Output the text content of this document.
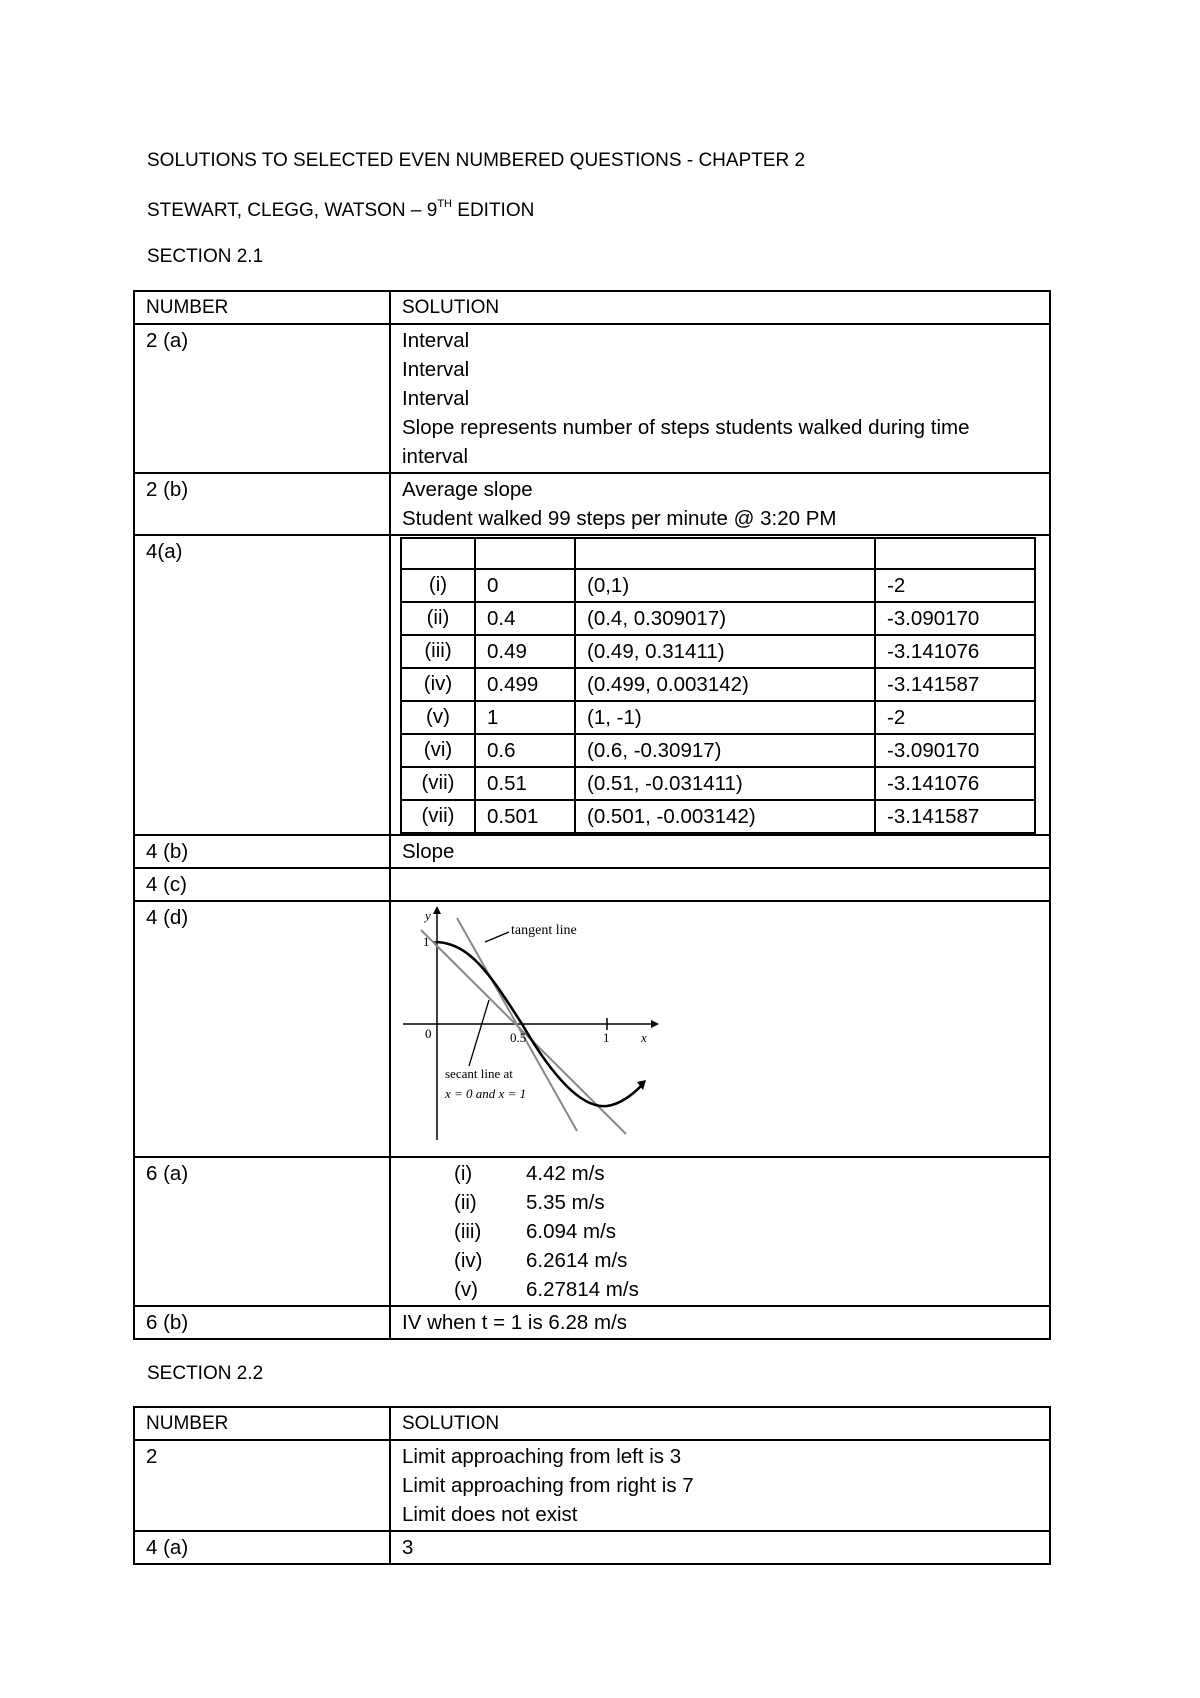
SOLUTIONS TO SELECTED EVEN NUMBERED QUESTIONS - CHAPTER 2
STEWART, CLEGG, WATSON – 9TH EDITION
SECTION 2.1
NUMBER	SOLUTION
2 (a)	Interval
Interval
Interval
Slope represents number of steps students walked during time interval

2 (b)	Average slope
Student walked 99 steps per minute @ 3:20 PM

4(a)	

(i)	0	(0,1)	-2
(ii)	0.4	(0.4, 0.309017)	-3.090170
(iii)	0.49	(0.49, 0.31411)	-3.141076
(iv)	0.499	(0.499, 0.003142)	-3.141587
(v)	1	(1, -1)	-2
(vi)	0.6	(0.6, -0.30917)	-3.090170
(vii)	0.51	(0.51, -0.031411)	-3.141076
(vii)	0.501	(0.501, -0.003142)	-3.141587

4 (b)	Slope
4 (c)	
4 (d)	
tangent line
secant line at
x = 0 and x = 1
y
x
1
0	0.5	1

6 (a)	(i)	4.42 m/s
(ii)	5.35 m/s
(iii)	6.094 m/s
(iv)	6.2614 m/s
(v)	6.27814 m/s

6 (b)	IV when t = 1 is 6.28 m/s
SECTION 2.2
NUMBER	SOLUTION
2	Limit approaching from left is 3
Limit approaching from right is 7
Limit does not exist

4 (a)	3
